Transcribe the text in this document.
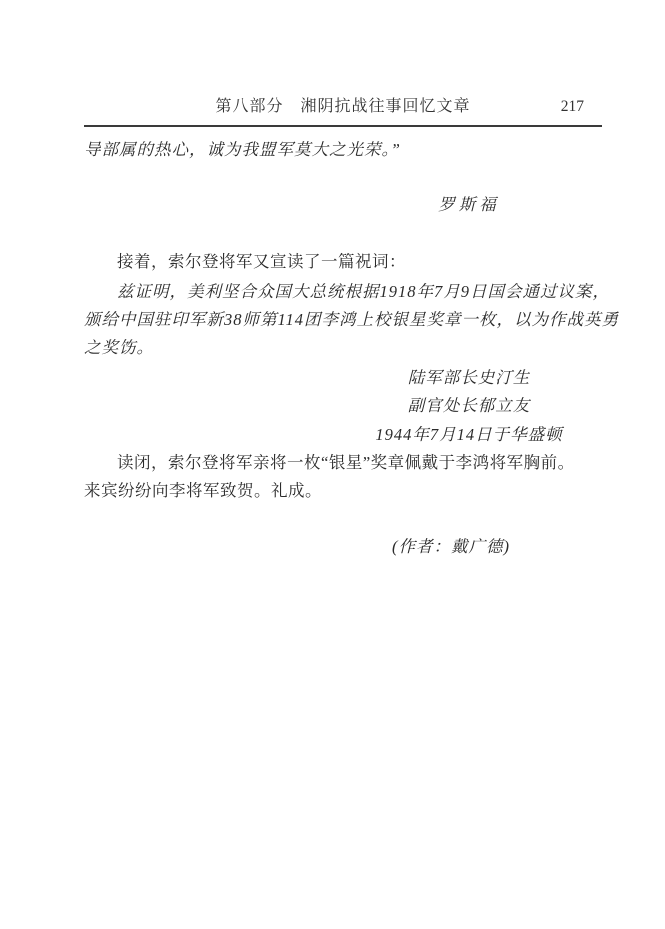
第八部分　湘阴抗战往事回忆文章	217
导部属的热心，诚为我盟军莫大之光荣。”
罗斯福
接着，索尔登将军又宣读了一篇祝词：
兹证明，美利坚合众国大总统根据1918年7月9日国会通过议案，
颁给中国驻印军新38师第114团李鸿上校银星奖章一枚，以为作战英勇
之奖饬。
陆军部长史汀生
副官处长郁立友
1944年7月14日于华盛顿
读闭，索尔登将军亲将一枚“银星”奖章佩戴于李鸿将军胸前。
来宾纷纷向李将军致贺。礼成。
(作者：戴广德)
